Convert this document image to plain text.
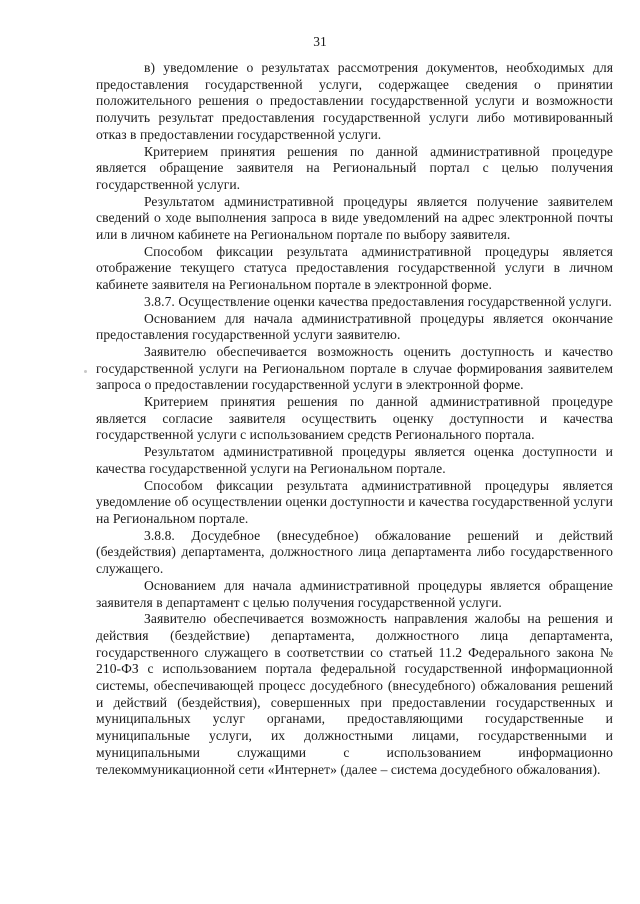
31

в) уведомление о результатах рассмотрения документов, необходимых для предоставления государственной услуги, содержащее сведения о принятии положительного решения о предоставлении государственной услуги и возможности получить результат предоставления государственной услуги либо мотивированный отказ в предоставлении государственной услуги.

Критерием принятия решения по данной административной процедуре является обращение заявителя на Региональный портал с целью получения государственной услуги.

Результатом административной процедуры является получение заявителем сведений о ходе выполнения запроса в виде уведомлений на адрес электронной почты или в личном кабинете на Региональном портале по выбору заявителя.

Способом фиксации результата административной процедуры является отображение текущего статуса предоставления государственной услуги в личном кабинете заявителя на Региональном портале в электронной форме.

3.8.7. Осуществление оценки качества предоставления государственной услуги.

Основанием для начала административной процедуры является окончание предоставления государственной услуги заявителю.

Заявителю обеспечивается возможность оценить доступность и качество государственной услуги на Региональном портале в случае формирования заявителем запроса о предоставлении государственной услуги в электронной форме.

Критерием принятия решения по данной административной процедуре является согласие заявителя осуществить оценку доступности и качества государственной услуги с использованием средств Регионального портала.

Результатом административной процедуры является оценка доступности и качества государственной услуги на Региональном портале.

Способом фиксации результата административной процедуры является уведомление об осуществлении оценки доступности и качества государственной услуги на Региональном портале.

3.8.8. Досудебное (внесудебное) обжалование решений и действий (бездействия) департамента, должностного лица департамента либо государственного служащего.

Основанием для начала административной процедуры является обращение заявителя в департамент с целью получения государственной услуги.

Заявителю обеспечивается возможность направления жалобы на решения и действия (бездействие) департамента, должностного лица департамента, государственного служащего в соответствии со статьей 11.2 Федерального закона № 210-ФЗ с использованием портала федеральной государственной информационной системы, обеспечивающей процесс досудебного (внесудебного) обжалования решений и действий (бездействия), совершенных при предоставлении государственных и муниципальных услуг органами, предоставляющими государственные и муниципальные услуги, их должностными лицами, государственными и муниципальными служащими с использованием информационно телекоммуникационной сети «Интернет» (далее – система досудебного обжалования).
